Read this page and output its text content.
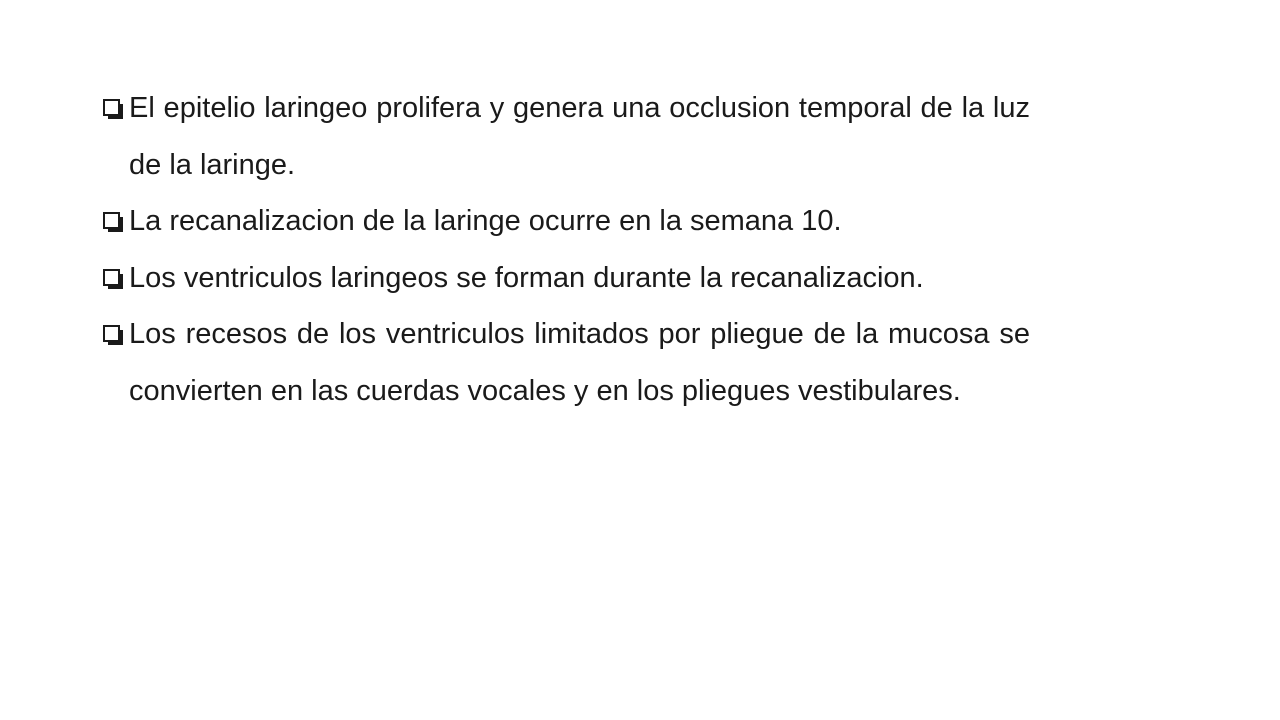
El epitelio laringeo prolifera y genera una occlusion temporal de la luz de la laringe.
La recanalizacion de la laringe ocurre en la semana 10.
Los ventriculos laringeos se forman durante la recanalizacion.
Los recesos de los ventriculos limitados por pliegue de la mucosa se convierten en las cuerdas vocales y en los pliegues vestibulares.
